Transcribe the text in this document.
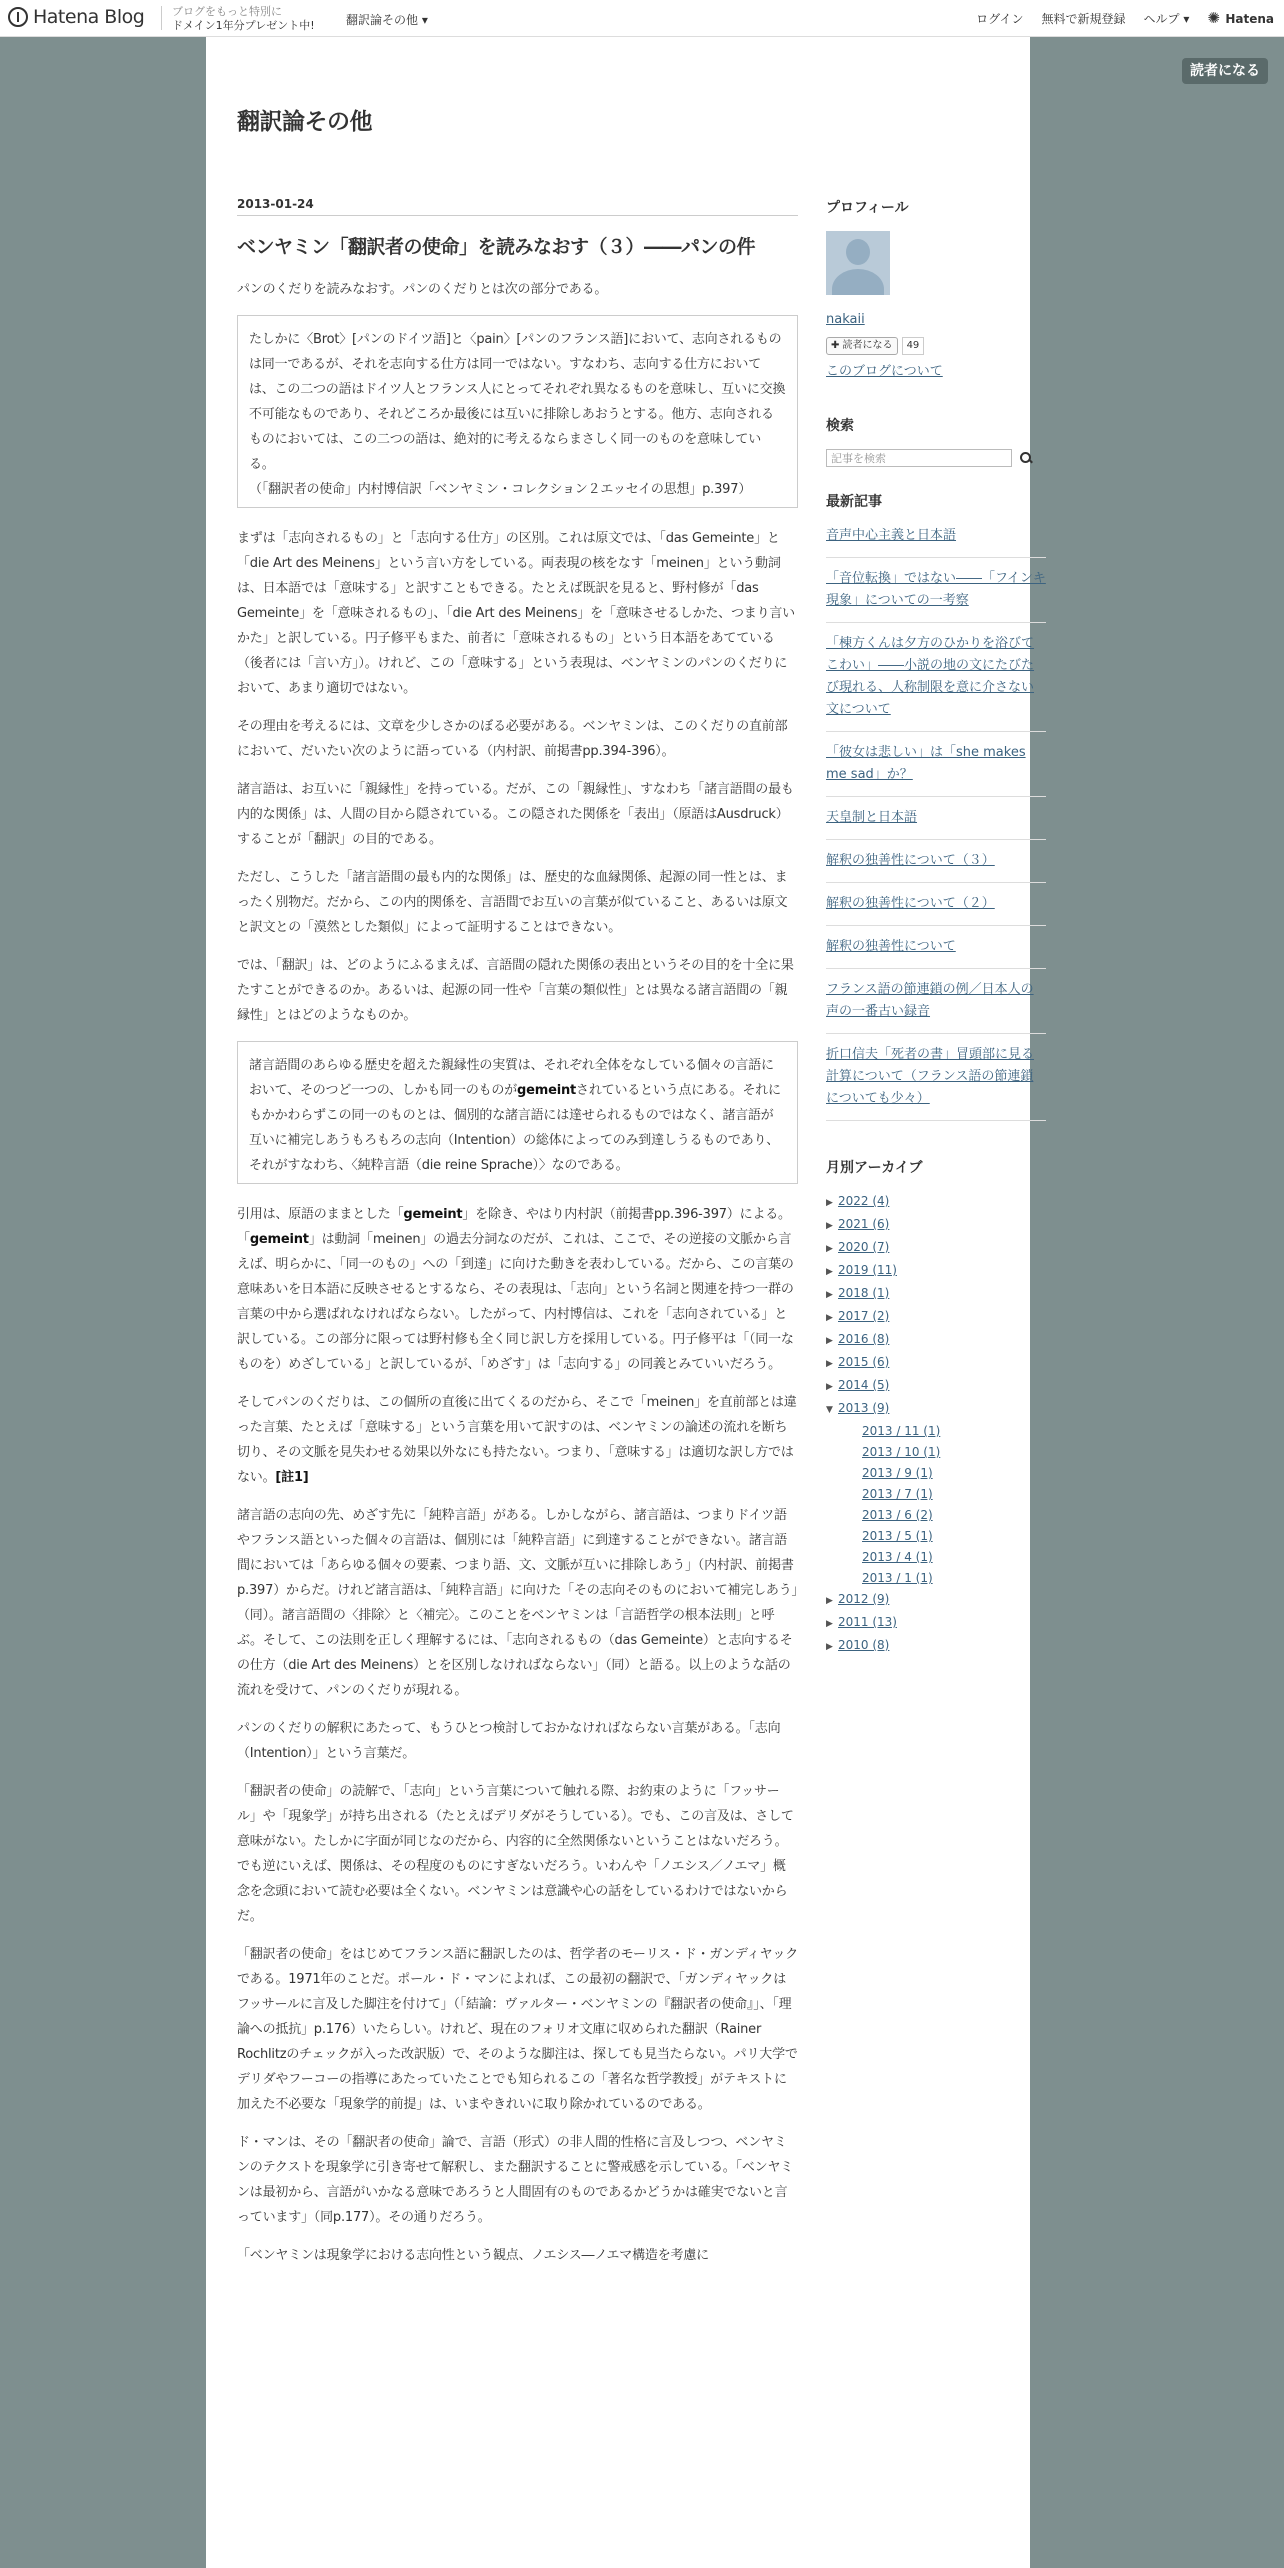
Hatena Blog	ブログをもっと特別に
ドメイン1年分プレゼント中!	翻訳論その他 ▾	ログイン 無料で新規登録 ヘルプ ▾
✺	Hatena
読者になる
翻訳論その他
2013-01-24
ベンヤミン「翻訳者の使命」を読みなおす（３）――パンの件

パンのくだりを読みなおす。パンのくだりとは次の部分である。

たしかに〈Brot〉[パンのドイツ語]と〈pain〉[パンのフランス語]において、志向されるものは同一であるが、それを志向する仕方は同一ではない。すなわち、志向する仕方においては、この二つの語はドイツ人とフランス人にとってそれぞれ異なるものを意味し、互いに交換不可能なものであり、それどころか最後には互いに排除しあおうとする。他方、志向されるものにおいては、この二つの語は、絶対的に考えるならまさしく同一のものを意味している。
（「翻訳者の使命」内村博信訳「ベンヤミン・コレクション２エッセイの思想」p.397）

まずは「志向されるもの」と「志向する仕方」の区別。これは原文では、「das Gemeinte」と「die Art des Meinens」という言い方をしている。両表現の核をなす「meinen」という動詞は、日本語では「意味する」と訳すこともできる。たとえば既訳を見ると、野村修が「das Gemeinte」を「意味されるもの」、「die Art des Meinens」を「意味させるしかた、つまり言いかた」と訳している。円子修平もまた、前者に「意味されるもの」という日本語をあてている（後者には「言い方」）。けれど、この「意味する」という表現は、ベンヤミンのパンのくだりにおいて、あまり適切ではない。

その理由を考えるには、文章を少しさかのぼる必要がある。ベンヤミンは、このくだりの直前部において、だいたい次のように語っている（内村訳、前掲書pp.394-396）。

諸言語は、お互いに「親縁性」を持っている。だが、この「親縁性」、すなわち「諸言語間の最も内的な関係」は、人間の目から隠されている。この隠された関係を「表出」（原語はAusdruck）することが「翻訳」の目的である。

ただし、こうした「諸言語間の最も内的な関係」は、歴史的な血縁関係、起源の同一性とは、まったく別物だ。だから、この内的関係を、言語間でお互いの言葉が似ていること、あるいは原文と訳文との「漠然とした類似」によって証明することはできない。

では、「翻訳」は、どのようにふるまえば、言語間の隠れた関係の表出というその目的を十全に果たすことができるのか。あるいは、起源の同一性や「言葉の類似性」とは異なる諸言語間の「親縁性」とはどのようなものか。

諸言語間のあらゆる歴史を超えた親縁性の実質は、それぞれ全体をなしている個々の言語において、そのつど一つの、しかも同一のものがgemeintされているという点にある。それにもかかわらずこの同一のものとは、個別的な諸言語には達せられるものではなく、諸言語が互いに補完しあうもろもろの志向（Intention）の総体によってのみ到達しうるものであり、それがすなわち、〈純粋言語（die reine Sprache）〉なのである。

引用は、原語のままとした「gemeint」を除き、やはり内村訳（前掲書pp.396-397）による。「gemeint」は動詞「meinen」の過去分詞なのだが、これは、ここで、その逆接の文脈から言えば、明らかに、「同一のもの」への「到達」に向けた動きを表わしている。だから、この言葉の意味あいを日本語に反映させるとするなら、その表現は、「志向」という名詞と関連を持つ一群の言葉の中から選ばれなければならない。したがって、内村博信は、これを「志向されている」と訳している。この部分に限っては野村修も全く同じ訳し方を採用している。円子修平は「（同一なものを）めざしている」と訳しているが、「めざす」は「志向する」の同義とみていいだろう。

そしてパンのくだりは、この個所の直後に出てくるのだから、そこで「meinen」を直前部とは違った言葉、たとえば「意味する」という言葉を用いて訳すのは、ベンヤミンの論述の流れを断ち切り、その文脈を見失わせる効果以外なにも持たない。つまり、「意味する」は適切な訳し方ではない。[註1]

諸言語の志向の先、めざす先に「純粋言語」がある。しかしながら、諸言語は、つまりドイツ語やフランス語といった個々の言語は、個別には「純粋言語」に到達することができない。諸言語間においては「あらゆる個々の要素、つまり語、文、文脈が互いに排除しあう」（内村訳、前掲書p.397）からだ。けれど諸言語は、「純粋言語」に向けた「その志向そのものにおいて補完しあう」（同）。諸言語間の〈排除〉と〈補完〉。このことをベンヤミンは「言語哲学の根本法則」と呼ぶ。そして、この法則を正しく理解するには、「志向されるもの（das Gemeinte）と志向するその仕方（die Art des Meinens）とを区別しなければならない」（同）と語る。以上のような話の流れを受けて、パンのくだりが現れる。

パンのくだりの解釈にあたって、もうひとつ検討しておかなければならない言葉がある。「志向（Intention）」という言葉だ。

「翻訳者の使命」の読解で、「志向」という言葉について触れる際、お約束のように「フッサール」や「現象学」が持ち出される（たとえばデリダがそうしている）。でも、この言及は、さして意味がない。たしかに字面が同じなのだから、内容的に全然関係ないということはないだろう。でも逆にいえば、関係は、その程度のものにすぎないだろう。いわんや「ノエシス／ノエマ」概念を念頭において読む必要は全くない。ベンヤミンは意識や心の話をしているわけではないからだ。

「翻訳者の使命」をはじめてフランス語に翻訳したのは、哲学者のモーリス・ド・ガンディヤックである。1971年のことだ。ポール・ド・マンによれば、この最初の翻訳で、「ガンディヤックはフッサールに言及した脚注を付けて」（「結論：ヴァルター・ベンヤミンの『翻訳者の使命』」、「理論への抵抗」p.176）いたらしい。けれど、現在のフォリオ文庫に収められた翻訳（Rainer Rochlitzのチェックが入った改訳版）で、そのような脚注は、探しても見当たらない。パリ大学でデリダやフーコーの指導にあたっていたことでも知られるこの「著名な哲学教授」がテキストに加えた不必要な「現象学的前提」は、いまやきれいに取り除かれているのである。

ド・マンは、その「翻訳者の使命」論で、言語（形式）の非人間的性格に言及しつつ、ベンヤミンのテクストを現象学に引き寄せて解釈し、また翻訳することに警戒感を示している。「ベンヤミンは最初から、言語がいかなる意味であろうと人間固有のものであるかどうかは確実でないと言っています」（同p.177）。その通りだろう。

「ベンヤミンは現象学における志向性という観点、ノエシス―ノエマ構造を考慮に

プロフィール
nakaii
✚ 読者になる	49
このブログについて
検索
記事を検索
最新記事
音声中心主義と日本語
「音位転換」ではない――「フインキ現象」についての一考察
「棟方くんは夕方のひかりを浴びてこわい」――小説の地の文にたびたび現れる、人称制限を意に介さない文について
「彼女は悲しい」は「she makes me sad」か？
天皇制と日本語
解釈の独善性について（３）
解釈の独善性について（２）
解釈の独善性について
フランス語の節連鎖の例／日本人の声の一番古い録音
折口信夫「死者の書」冒頭部に見る計算について（フランス語の節連鎖についても少々）
月別アーカイブ
▶ 2022 (4)
▶ 2021 (6)
▶ 2020 (7)
▶ 2019 (11)
▶ 2018 (1)
▶ 2017 (2)
▶ 2016 (8)
▶ 2015 (6)
▶ 2014 (5)
▼ 2013 (9)
2013 / 11 (1)
2013 / 10 (1)
2013 / 9 (1)
2013 / 7 (1)
2013 / 6 (2)
2013 / 5 (1)
2013 / 4 (1)
2013 / 1 (1)
▶ 2012 (9)
▶ 2011 (13)
▶ 2010 (8)
